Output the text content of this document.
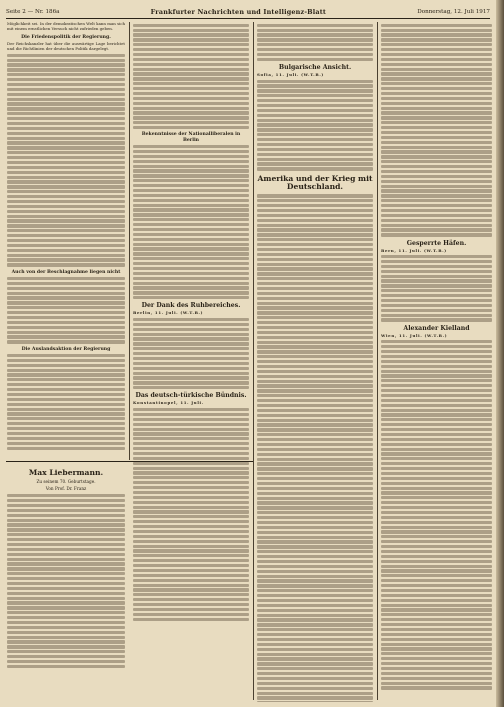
Seite 2 — Nr. 186a	Frankfurter Nachrichten und Intelligenz-Blatt	Donnerstag, 12. Juli 1917
Möglichkeit sei. In der demokratischen Welt kann man sich mit einem ernstlichen Versuch nicht zufrieden geben.
Die Friedenspolitik der Regierung.
Der Reichskanzler hat über die auswärtige Lage berichtet und die Richtlinien der deutschen Politik dargelegt.
Auch von der Beschlagnahme liegen nicht
Die Auslandsaktion der Regierung
Max Liebermann.
Zu seinem 70. Geburtstage.
Von Prof. Dr. Franz
Bekenntnisse der Nationalliberalen in Berlin
Der Dank des Ruhbereiches.
Berlin, 11. Juli. (W.T.B.)
Das deutsch-türkische Bündnis.
Konstantinopel, 11. Juli.
Bulgarische Ansicht.
Sofia, 11. Juli. (W.T.B.)
Amerika und der Krieg mit Deutschland.
Gesperrte Häfen.
Bern, 11. Juli. (W.T.B.)
Alexander Kielland
Wien, 11. Juli. (W.T.B.)
